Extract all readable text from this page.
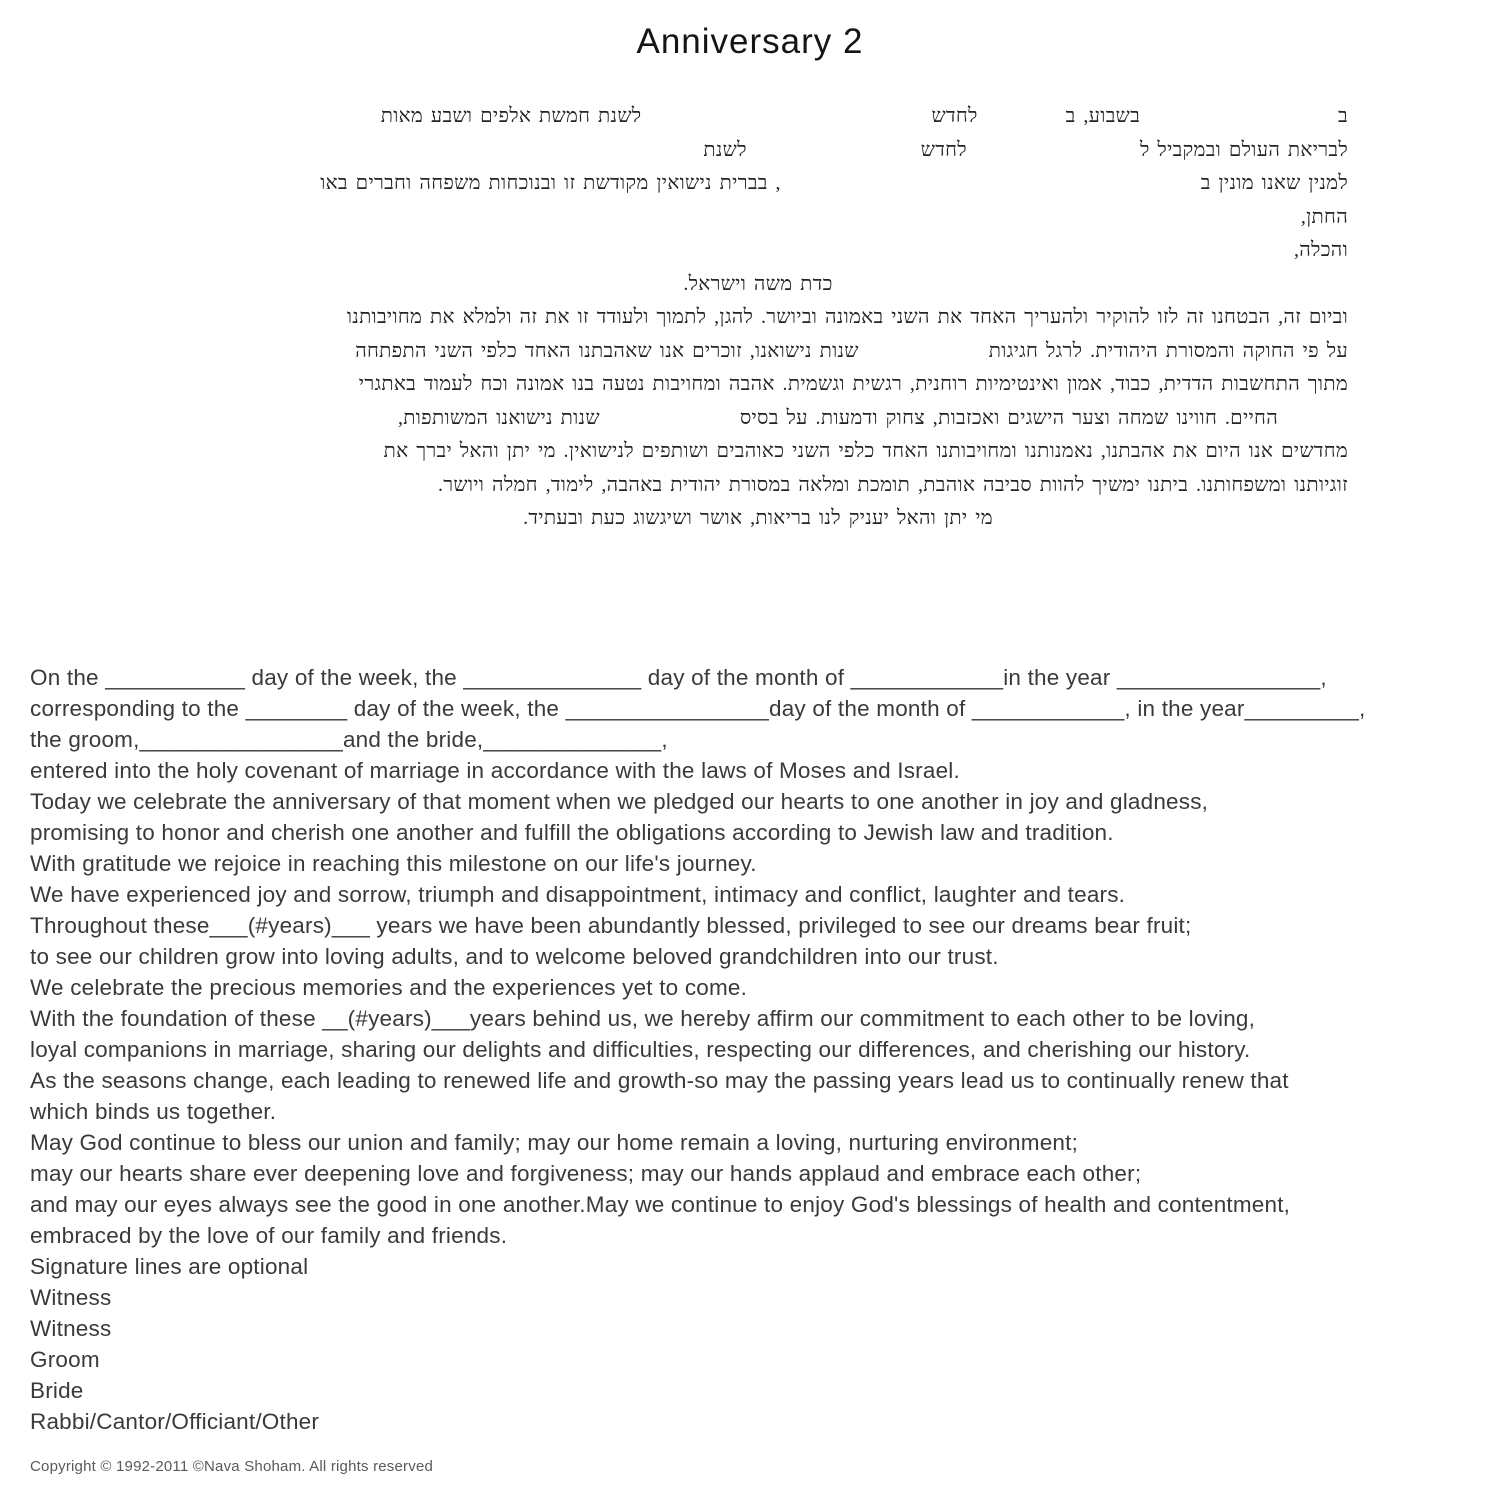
Anniversary 2
בבשבוע, בלחדשלשנת חמשת אלפים ושבע מאות
לבריאת העולם ובמקביל ללחדשלשנת
למנין שאנו מונין ב, בברית נישואין מקודשת זו ובנוכחות משפחה וחברים באו
החתן,
והכלה,
כדת משה וישראל.
וביום זה, הבטחנו זה לזו להוקיר ולהעריך האחד את השני באמונה וביושר. להגן, לתמוך ולעודד זו את זה ולמלא את מחויבותנו
על פי החוקה והמסורת היהודית. לרגל חגיגותשנות נישואנו, זוכרים אנו שאהבתנו האחד כלפי השני התפתחה
מתוך התחשבות הדדית, כבוד, אמון ואינטימיות רוחנית, רגשית וגשמית. אהבה ומחויבות נטעה בנו אמונה וכח לעמוד באתגרי
החיים. חווינו שמחה וצער הישגים ואכזבות, צחוק ודמעות. על בסיסשנות נישואנו המשותפות,
מחדשים אנו היום את אהבתנו, נאמנותנו ומחויבותנו האחד כלפי השני כאוהבים ושותפים לנישואין. מי יתן והאל יברך את
זוגיותנו ומשפחותנו. ביתנו ימשיך להוות סביבה אוהבת, תומכת ומלאה במסורת יהודית באהבה, לימוד, חמלה ויושר.
מי יתן והאל יעניק לנו בריאות, אושר ושיגשוג כעת ובעתיד.
On the ___________ day of the week, the ______________ day of the month of ____________in the year ________________,
corresponding to the ________ day of the week, the ________________day of the month of ____________, in the year_________,
the groom,________________and the bride,______________,
entered into the holy covenant of marriage in accordance with the laws of Moses and Israel.
Today we celebrate the anniversary of that moment when we pledged our hearts to one another in joy and gladness,
promising to honor and cherish one another and fulfill the obligations according to Jewish law and tradition.
With gratitude we rejoice in reaching this milestone on our life's journey.
We have experienced joy and sorrow, triumph and disappointment, intimacy and conflict, laughter and tears.
Throughout these___(#years)___ years we have been abundantly blessed, privileged to see our dreams bear fruit;
to see our children grow into loving adults, and to welcome beloved grandchildren into our trust.
We celebrate the precious memories and the experiences yet to come.
With the foundation of these __(#years)___years behind us, we hereby affirm our commitment to each other to be loving,
loyal companions in marriage, sharing our delights and difficulties, respecting our differences, and cherishing our history.
As the seasons change, each leading to renewed life and growth-so may the passing years lead us to continually renew that
which binds us together.
May God continue to bless our union and family; may our home remain a loving, nurturing environment;
may our hearts share ever deepening love and forgiveness; may our hands applaud and embrace each other;
and may our eyes always see the good in one another.May we continue to enjoy God's blessings of health and contentment,
embraced by the love of our family and friends.
Signature lines are optional
Witness
Witness
Groom
Bride
Rabbi/Cantor/Officiant/Other
Copyright © 1992-2011 ©Nava Shoham. All rights reserved
